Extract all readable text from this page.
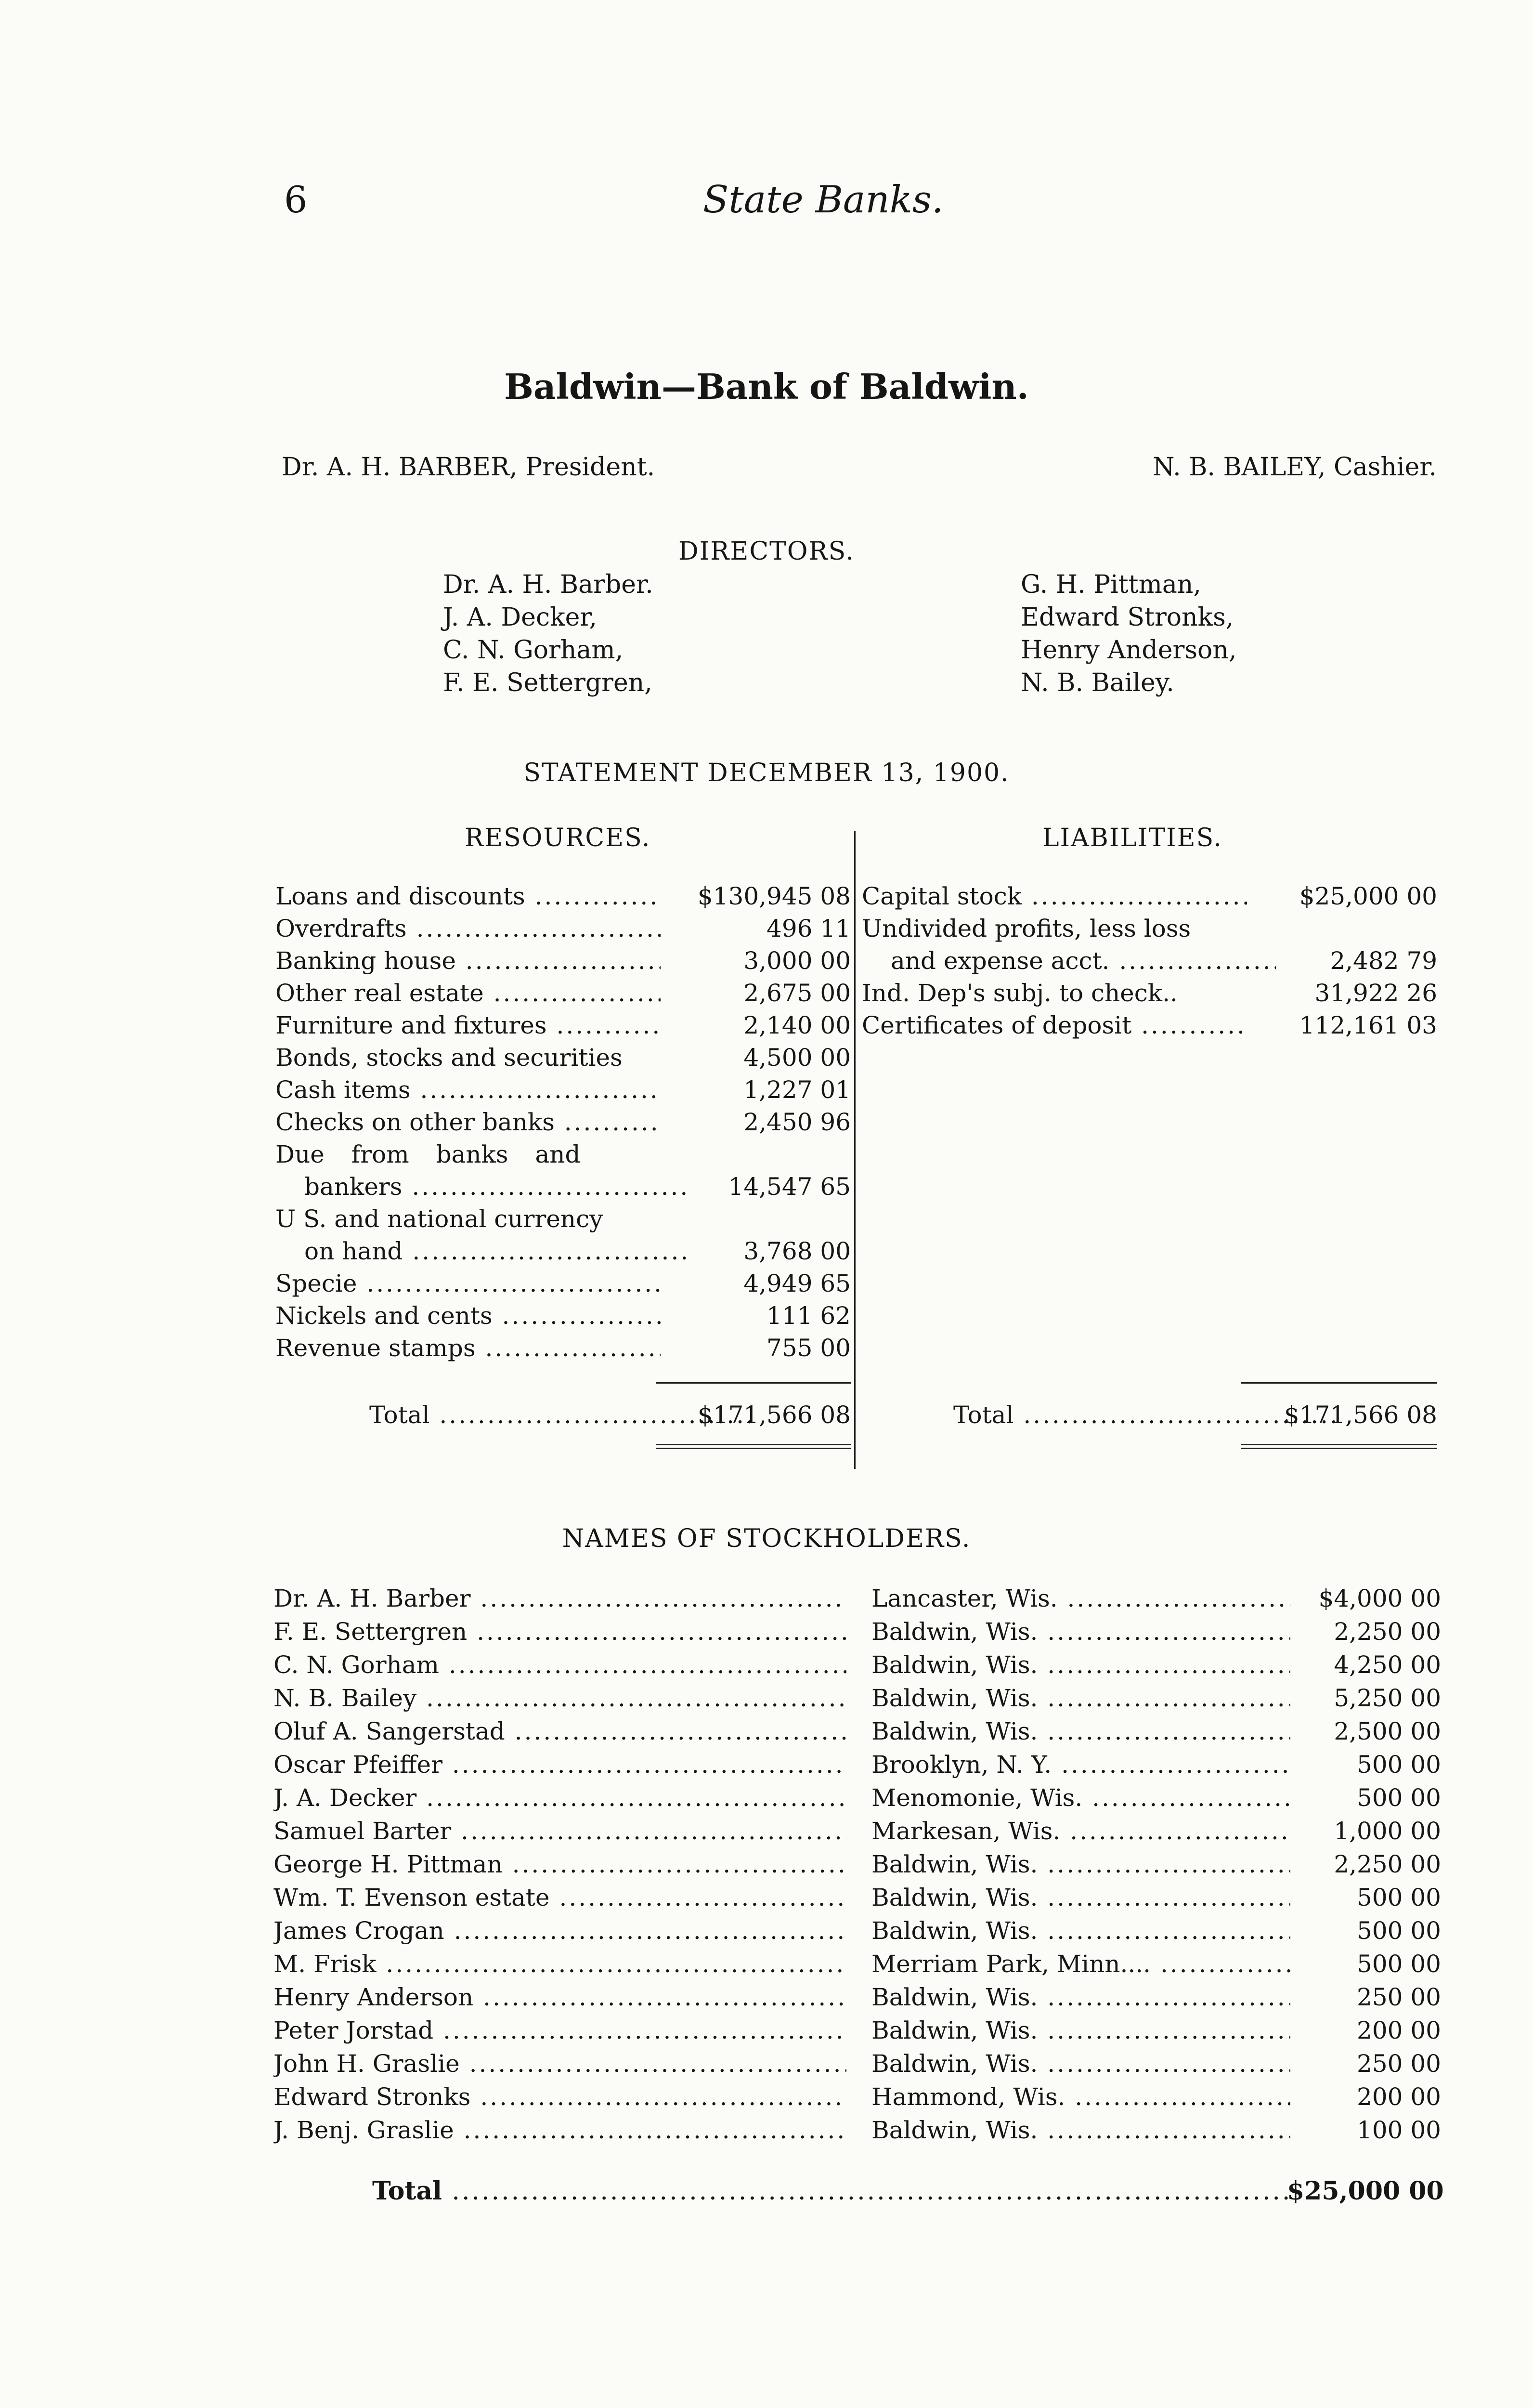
6	State Banks.
Baldwin—Bank of Baldwin.
Dr. A. H. BARBER, President.	N. B. BAILEY, Cashier.
DIRECTORS.
Dr. A. H. Barber.
J. A. Decker,
C. N. Gorham,
F. E. Settergren,
G. H. Pittman,
Edward Stronks,
Henry Anderson,
N. B. Bailey.
STATEMENT DECEMBER 13, 1900.
RESOURCES.	LIABILITIES.
Loans and discounts .....	$130,945 08
Overdrafts .....	496 11
Banking house .....	3,000 00
Other real estate .....	2,675 00
Furniture and fixtures .....	2,140 00
Bonds, stocks and securities	4,500 00
Cash items .....	1,227 01
Checks on other banks .....	2,450 96
Due from banks and
bankers .....	14,547 65
U S. and national currency
on hand .....	3,768 00
Specie .....	4,949 65
Nickels and cents .....	111 62
Revenue stamps .....	755 00
Total .....	$171,566 08
Capital stock .....	$25,000 00
Undivided profits, less loss
and expense acct. .....	2,482 79
Ind. Dep's subj. to check..	31,922 26
Certificates of deposit .....	112,161 03
Total .....	$171,566 08
NAMES OF STOCKHOLDERS.
Dr. A. H. Barber .....	Lancaster, Wis. .....	$4,000 00
F. E. Settergren .....	Baldwin, Wis. .....	2,250 00
C. N. Gorham .....	Baldwin, Wis. .....	4,250 00
N. B. Bailey .....	Baldwin, Wis. .....	5,250 00
Oluf A. Sangerstad .....	Baldwin, Wis. .....	2,500 00
Oscar Pfeiffer .....	Brooklyn, N. Y. .....	500 00
J. A. Decker .....	Menomonie, Wis. .....	500 00
Samuel Barter .....	Markesan, Wis. .....	1,000 00
George H. Pittman .....	Baldwin, Wis. .....	2,250 00
Wm. T. Evenson estate .....	Baldwin, Wis. .....	500 00
James Crogan .....	Baldwin, Wis. .....	500 00
M. Frisk .....	Merriam Park, Minn.... .....	500 00
Henry Anderson .....	Baldwin, Wis. .....	250 00
Peter Jorstad .....	Baldwin, Wis. .....	200 00
John H. Graslie .....	Baldwin, Wis. .....	250 00
Edward Stronks .....	Hammond, Wis. .....	200 00
J. Benj. Graslie .....	Baldwin, Wis. .....	100 00
Total .....	$25,000 00
